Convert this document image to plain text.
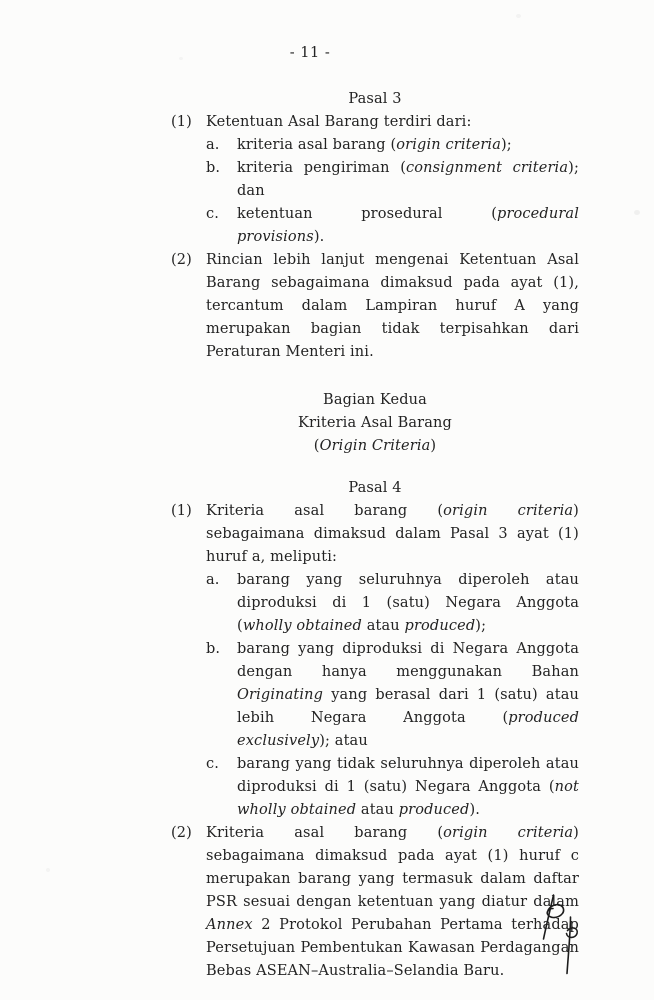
- 11 -
Pasal 3
(1) Ketentuan Asal Barang terdiri dari:
a.	kriteria asal barang (origin criteria);
b.	kriteria pengiriman (consignment criteria); dan
c.	ketentuan prosedural (procedural provisions).
(2) Rincian lebih lanjut mengenai Ketentuan Asal Barang sebagaimana dimaksud pada ayat (1), tercantum dalam Lampiran huruf A yang merupakan bagian tidak terpisahkan dari Peraturan Menteri ini.
Bagian Kedua
Kriteria Asal Barang
(Origin Criteria)
Pasal 4
(1) Kriteria asal barang (origin criteria) sebagaimana dimaksud dalam Pasal 3 ayat (1) huruf a, meliputi:
a.	barang yang seluruhnya diperoleh atau diproduksi di 1 (satu) Negara Anggota (wholly obtained atau produced);
b.	barang yang diproduksi di Negara Anggota dengan hanya menggunakan Bahan Originating yang berasal dari 1 (satu) atau lebih Negara Anggota (produced exclusively); atau
c.	barang yang tidak seluruhnya diperoleh atau diproduksi di 1 (satu) Negara Anggota (not wholly obtained atau produced).
(2) Kriteria asal barang (origin criteria) sebagaimana dimaksud pada ayat (1) huruf c merupakan barang yang termasuk dalam daftar PSR sesuai dengan ketentuan yang diatur dalam Annex 2 Protokol Perubahan Pertama terhadap Persetujuan Pembentukan Kawasan Perdagangan Bebas ASEAN–Australia–Selandia Baru.
